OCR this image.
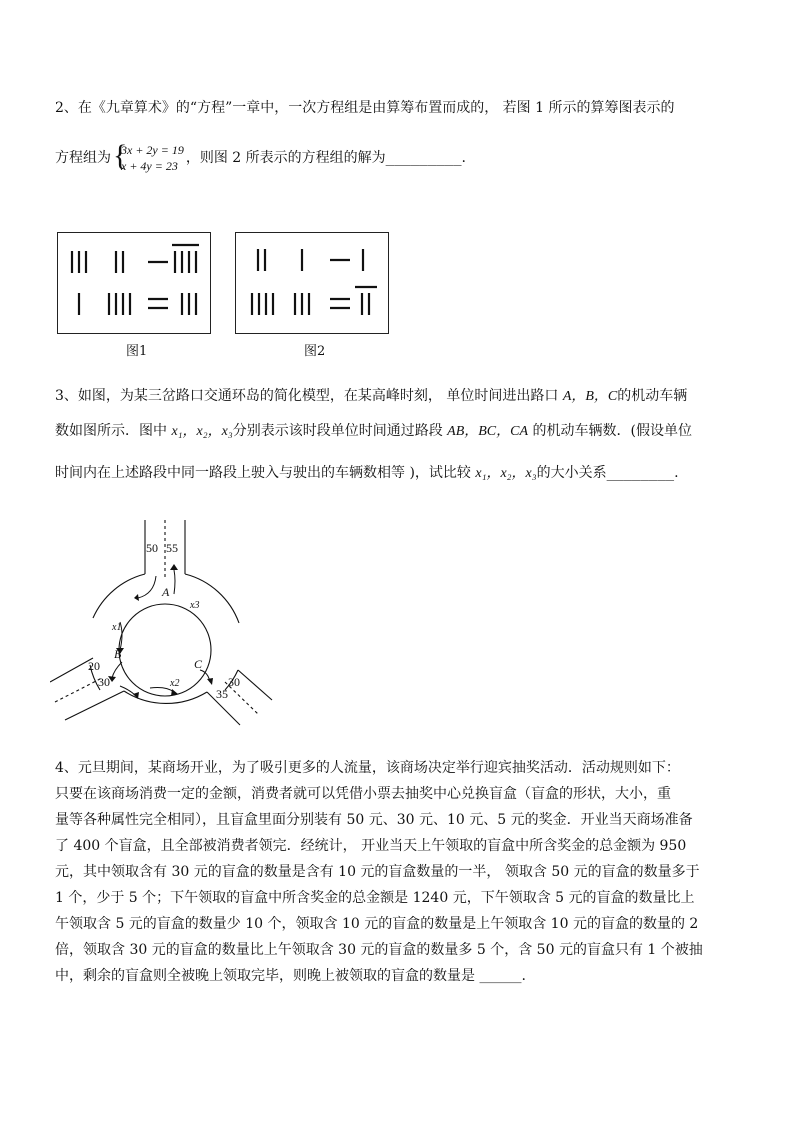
2、在《九章算术》的“方程”一章中，一次方程组是由算筹布置而成的， 若图 1 所示的算筹图表示的
方程组为 {
3x + 2y = 19
x + 4y = 23 ，则图 2 所表示的方程组的解为_________.
图1	图2
3、如图，为某三岔路口交通环岛的简化模型，在某高峰时刻， 单位时间进出路口 A，B，C的机动车辆
数如图所示．图中 x₁，x₂，x₃分别表示该时段单位时间通过路段 AB，BC，CA 的机动车辆数．(假设单位
时间内在上述路段中同一路段上驶入与驶出的车辆数相等 )，试比较 x₁，x₂，x₃的大小关系________.
50 55
20
30	30
35
A
B
C
x3
x1
x2
4、元旦期间，某商场开业，为了吸引更多的人流量，该商场决定举行迎宾抽奖活动．活动规则如下：
只要在该商场消费一定的金额，消费者就可以凭借小票去抽奖中心兑换盲盒（盲盒的形状，大小，重
量等各种属性完全相同），且盲盒里面分别装有 50 元、30 元、10 元、5 元的奖金．开业当天商场准备
了 400 个盲盒，且全部被消费者领完．经统计， 开业当天上午领取的盲盒中所含奖金的总金额为 950
元，其中领取含有 30 元的盲盒的数量是含有 10 元的盲盒数量的一半， 领取含 50 元的盲盒的数量多于
1 个，少于 5 个；下午领取的盲盒中所含奖金的总金额是 1240 元，下午领取含 5 元的盲盒的数量比上
午领取含 5 元的盲盒的数量少 10 个，领取含 10 元的盲盒的数量是上午领取含 10 元的盲盒的数量的 2
倍，领取含 30 元的盲盒的数量比上午领取含 30 元的盲盒的数量多 5 个，含 50 元的盲盒只有 1 个被抽
中，剩余的盲盒则全被晚上领取完毕，则晚上被领取的盲盒的数量是 ______.
